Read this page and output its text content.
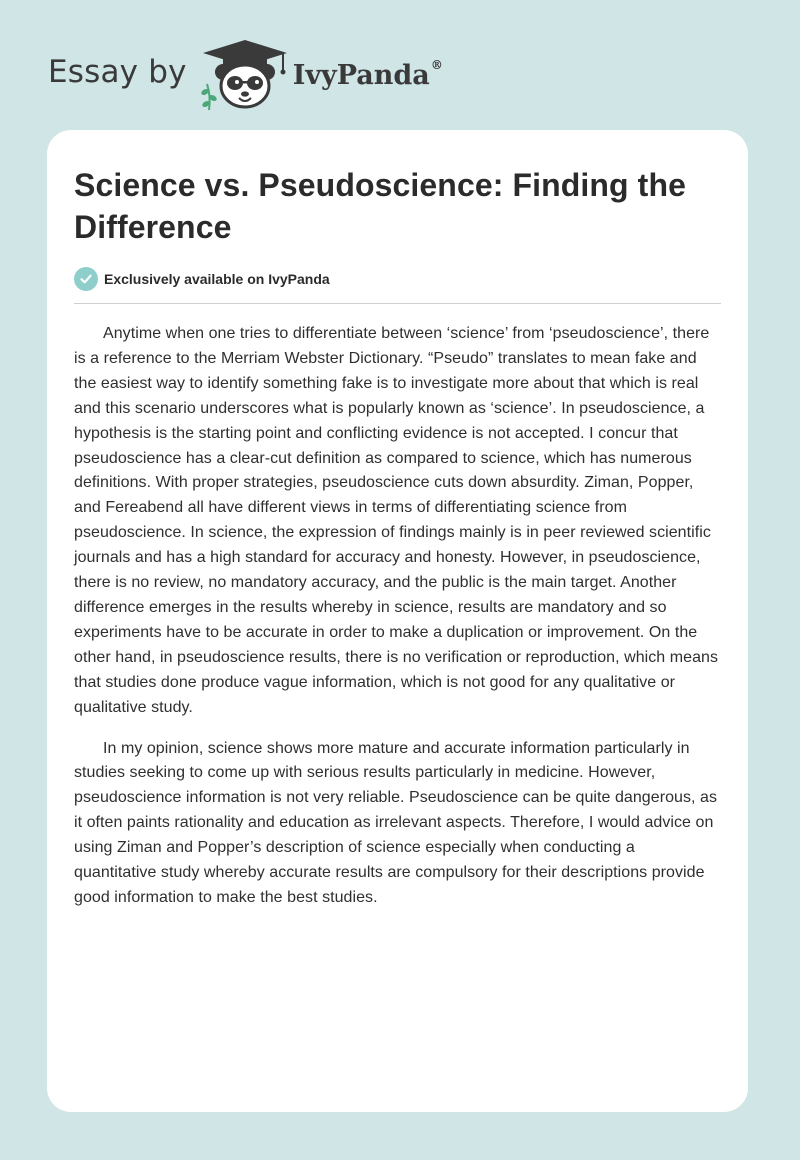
Essay by	IvyPanda®
Science vs. Pseudoscience: Finding the Difference
Exclusively available on IvyPanda

Anytime when one tries to differentiate between ‘science’ from ‘pseudoscience’, there is a reference to the Merriam Webster Dictionary. “Pseudo” translates to mean fake and the easiest way to identify something fake is to investigate more about that which is real and this scenario underscores what is popularly known as ‘science’. In pseudoscience, a hypothesis is the starting point and conflicting evidence is not accepted. I concur that pseudoscience has a clear-cut definition as compared to science, which has numerous definitions. With proper strategies, pseudoscience cuts down absurdity. Ziman, Popper, and Fereabend all have different views in terms of differentiating science from pseudoscience. In science, the expression of findings mainly is in peer reviewed scientific journals and has a high standard for accuracy and honesty. However, in pseudoscience, there is no review, no mandatory accuracy, and the public is the main target. Another difference emerges in the results whereby in science, results are mandatory and so experiments have to be accurate in order to make a duplication or improvement. On the other hand, in pseudoscience results, there is no verification or reproduction, which means that studies done produce vague information, which is not good for any qualitative or qualitative study.

In my opinion, science shows more mature and accurate information particularly in studies seeking to come up with serious results particularly in medicine. However, pseudoscience information is not very reliable. Pseudoscience can be quite dangerous, as it often paints rationality and education as irrelevant aspects. Therefore, I would advice on using Ziman and Popper’s description of science especially when conducting a quantitative study whereby accurate results are compulsory for their descriptions provide good information to make the best studies.
